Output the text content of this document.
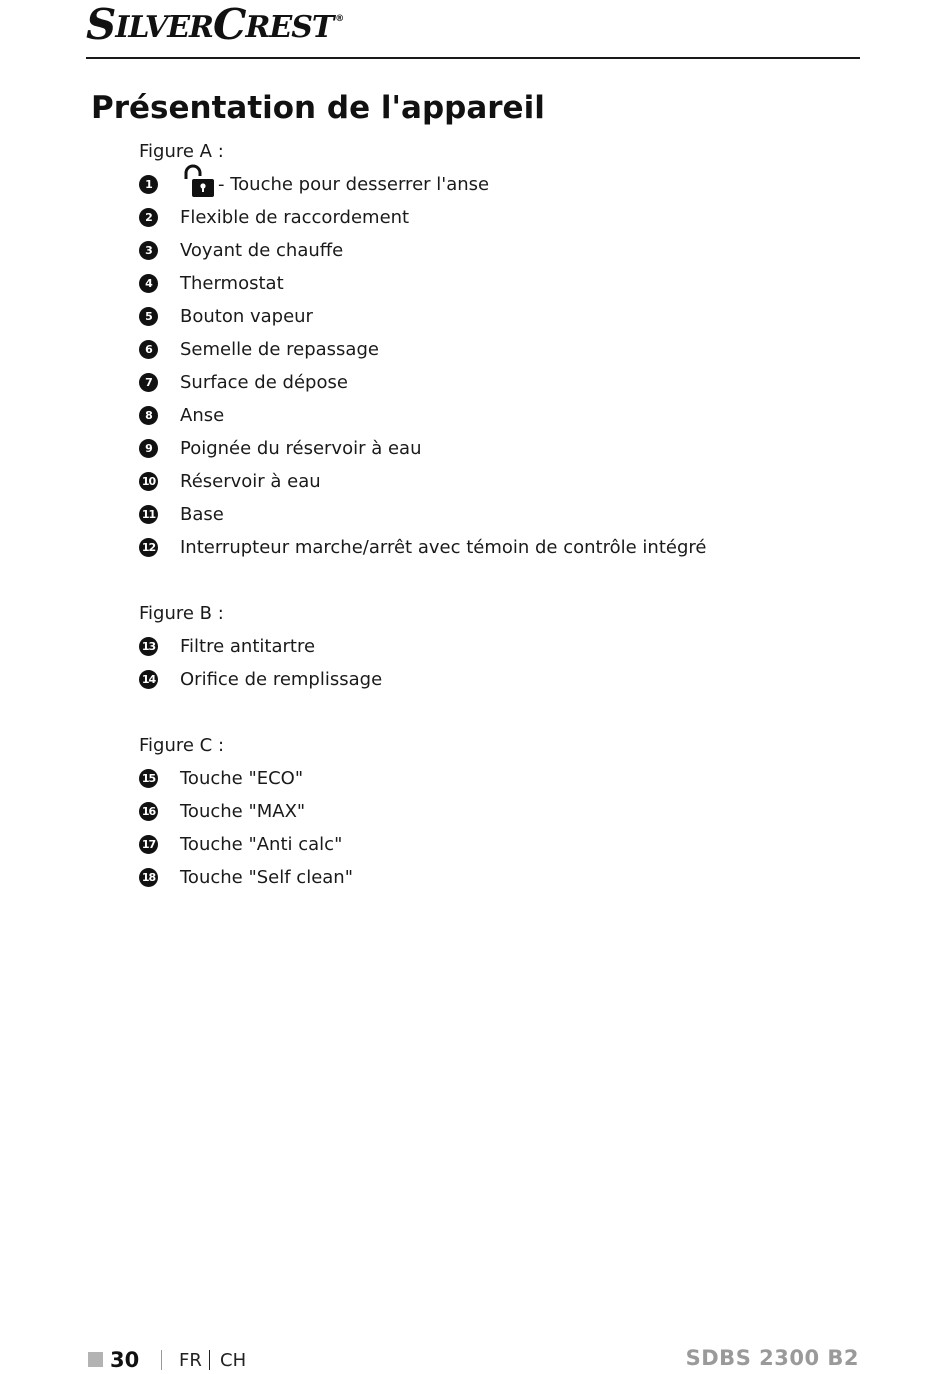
S ILVER C REST ®
Présentation de l'appareil
Figure A :
1	- Touche pour desserrer l'anse
2	Flexible de raccordement
3	Voyant de chauffe
4	Thermostat
5	Bouton vapeur
6	Semelle de repassage
7	Surface de dépose
8	Anse
9	Poignée du réservoir à eau
10 Réservoir à eau
11 Base
12 Interrupteur marche/arrêt avec témoin de contrôle intégré
Figure B :
13 Filtre antitartre
14 Orifice de remplissage
Figure C :
15 Touche "ECO"
16 Touche "MAX"
17 Touche "Anti calc"
18 Touche "Self clean"
30 FR CH	SDBS 2300 B2
